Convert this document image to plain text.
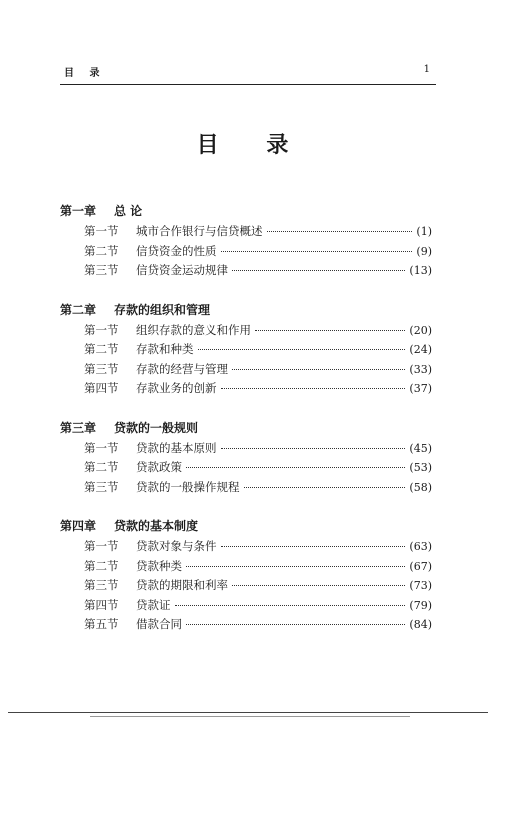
目 录	1
目 录
第一章 总 论
第一节	城市合作银行与信贷概述	(1)
第二节	信贷资金的性质	(9)
第三节	信贷资金运动规律	(13)
第二章 存款的组织和管理
第一节	组织存款的意义和作用	(20)
第二节	存款和种类	(24)
第三节	存款的经营与管理	(33)
第四节	存款业务的创新	(37)
第三章 贷款的一般规则
第一节	贷款的基本原则	(45)
第二节	贷款政策	(53)
第三节	贷款的一般操作规程	(58)
第四章 贷款的基本制度
第一节	贷款对象与条件	(63)
第二节	贷款种类	(67)
第三节	贷款的期限和利率	(73)
第四节	贷款证	(79)
第五节	借款合同	(84)
